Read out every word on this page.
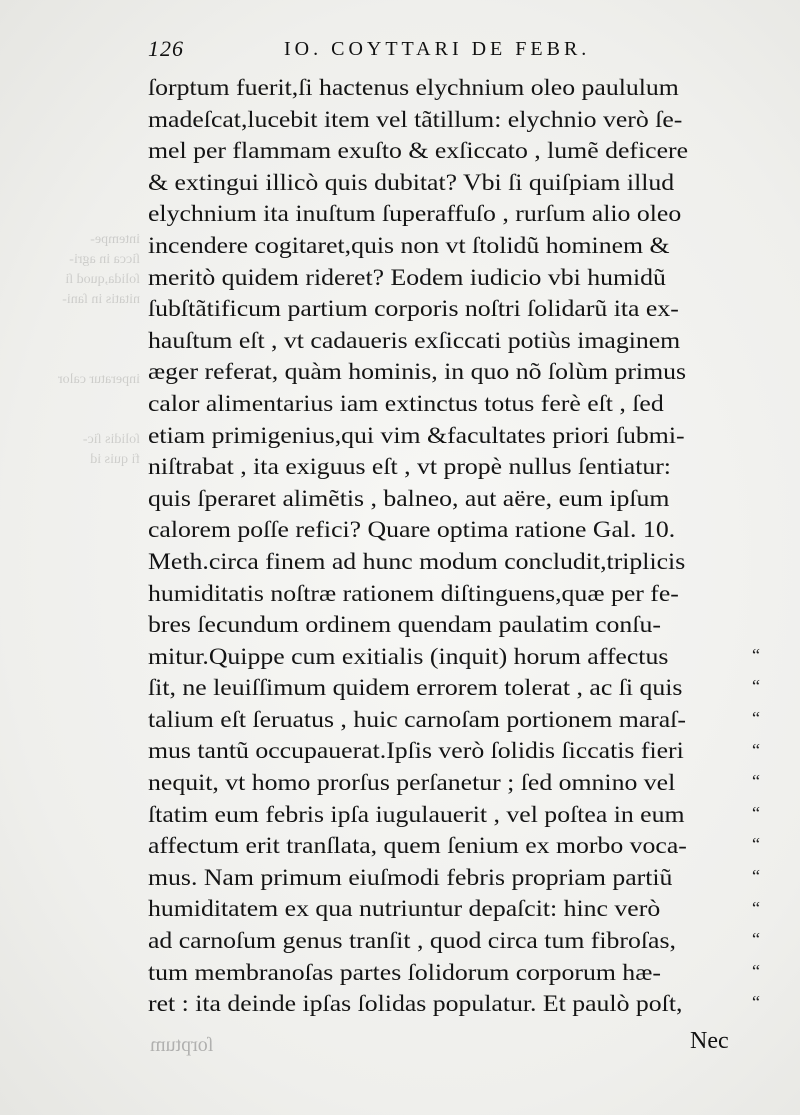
intempe-
ſicca in agri-
ſolida,quod ſi
nitatis in ſani-

inperatur calor

ſolidis ſic-
fi quis id
126	IO. COYTTARI DE FEBR.
ſorptum fuerit,ſi hactenus elychnium oleo paululum
madeſcat,lucebit item vel tãtillum: elychnio verò ſe-
mel per flammam exuſto & exſiccato , lumẽ deficere
& extingui illicò quis dubitat? Vbi ſi quiſpiam illud
elychnium ita inuſtum ſuperaffuſo , rurſum alio oleo
incendere cogitaret,quis non vt ſtolidũ hominem &
meritò quidem rideret? Eodem iudicio vbi humidũ
ſubſtãtificum partium corporis noſtri ſolidarũ ita ex-
hauſtum eſt , vt cadaueris exſiccati potiùs imaginem
æger referat, quàm hominis, in quo nõ ſolùm primus
calor alimentarius iam extinctus totus ferè eſt , ſed
etiam primigenius,qui vim &facultates priori ſubmi-
niſtrabat , ita exiguus eſt , vt propè nullus ſentiatur:
quis ſperaret alimẽtis , balneo, aut aëre, eum ipſum
calorem poſſe refici? Quare optima ratione Gal. 10.
Meth.circa finem ad hunc modum concludit,triplicis
humiditatis noſtræ rationem diſtinguens,quæ per fe-
bres ſecundum ordinem quendam paulatim conſu-
mitur.Quippe cum exitialis (inquit) horum affectus
ſit, ne leuiſſimum quidem errorem tolerat , ac ſi quis
talium eſt ſeruatus , huic carnoſam portionem maraſ-
mus tantũ occupauerat.Ipſis verò ſolidis ſiccatis fieri
nequit, vt homo prorſus perſanetur ; ſed omnino vel
ſtatim eum febris ipſa iugulauerit , vel poſtea in eum
affectum erit tranſlata, quem ſenium ex morbo voca-
mus. Nam primum eiuſmodi febris propriam partiũ
humiditatem ex qua nutriuntur depaſcit: hinc verò
ad carnoſum genus tranſit , quod circa tum fibroſas,
tum membranoſas partes ſolidorum corporum hæ-
ret : ita deinde ipſas ſolidas populatur. Et paulò poſt,
“
“
“
“
“
“
“
“
“
“
“
“
ſorptum	Nec
